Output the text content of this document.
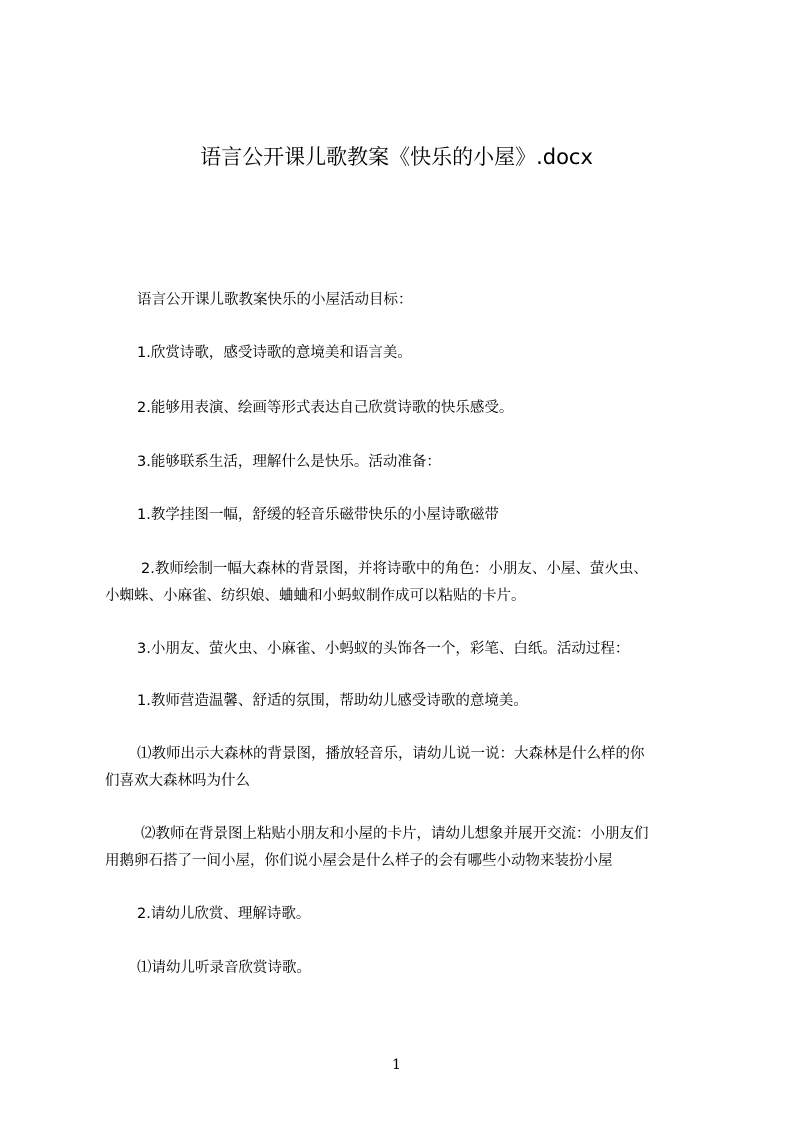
语言公开课儿歌教案《快乐的小屋》.docx
语言公开课儿歌教案快乐的小屋活动目标：
1.欣赏诗歌，感受诗歌的意境美和语言美。
2.能够用表演、绘画等形式表达自己欣赏诗歌的快乐感受。
3.能够联系生活，理解什么是快乐。活动准备：
1.教学挂图一幅，舒缓的轻音乐磁带快乐的小屋诗歌磁带
2.教师绘制一幅大森林的背景图，并将诗歌中的角色：小朋友、小屋、萤火虫、
小蜘蛛、小麻雀、纺织娘、蛐蛐和小蚂蚁制作成可以粘贴的卡片。
3.小朋友、萤火虫、小麻雀、小蚂蚁的头饰各一个，彩笔、白纸。活动过程：
1.教师营造温馨、舒适的氛围，帮助幼儿感受诗歌的意境美。
⑴教师出示大森林的背景图，播放轻音乐，请幼儿说一说：大森林是什么样的你
们喜欢大森林吗为什么
⑵教师在背景图上粘贴小朋友和小屋的卡片，请幼儿想象并展开交流：小朋友们
用鹅卵石搭了一间小屋，你们说小屋会是什么样子的会有哪些小动物来装扮小屋
2.请幼儿欣赏、理解诗歌。
⑴请幼儿听录音欣赏诗歌。
1
